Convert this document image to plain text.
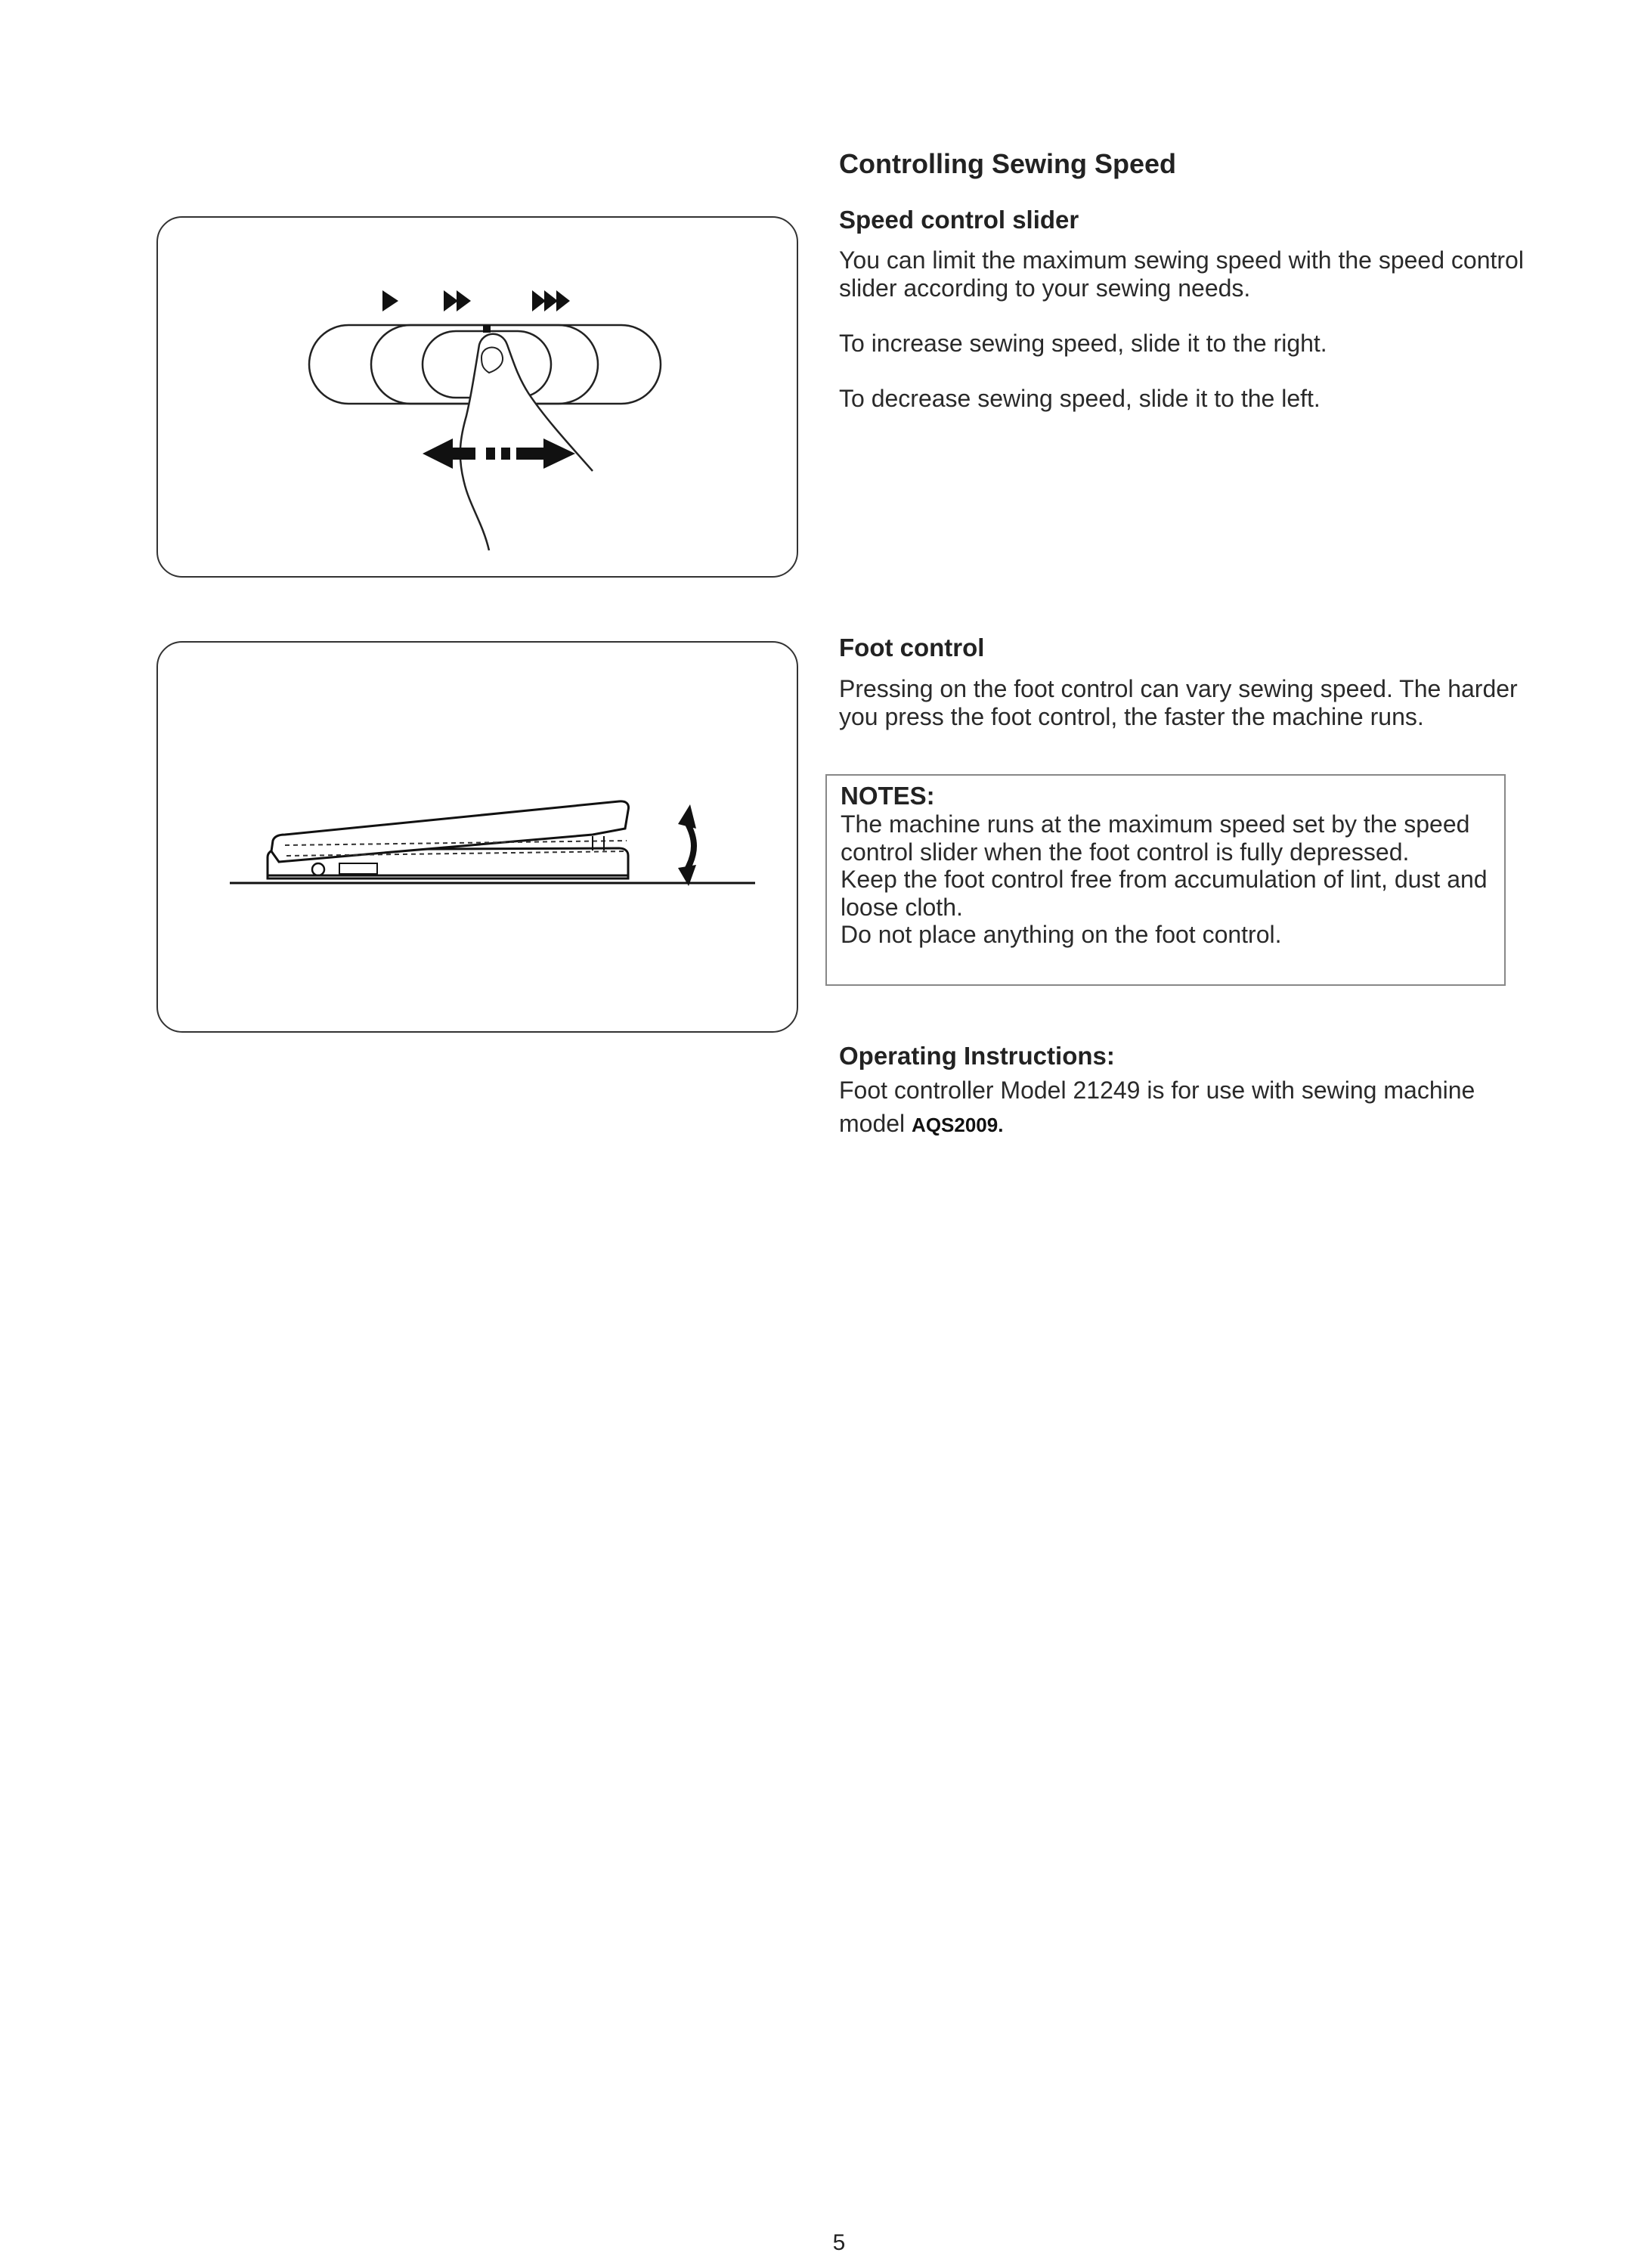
Controlling Sewing Speed
Speed control slider

You can limit the maximum sewing speed with the speed control slider according to your sewing needs.

To increase sewing speed, slide it to the right.

To decrease sewing speed, slide it to the left.

Foot control
Pressing on the foot control can vary sewing speed. The harder you press the foot control, the faster the machine runs.

NOTES:

The machine runs at the maximum speed set by the speed control slider when the foot control is fully depressed.
Keep the foot control free from accumulation of lint, dust and loose cloth.
Do not place anything on the foot control.
Operating Instructions:
Foot controller Model 21249 is for use with sewing machine model AQS2009.
5
